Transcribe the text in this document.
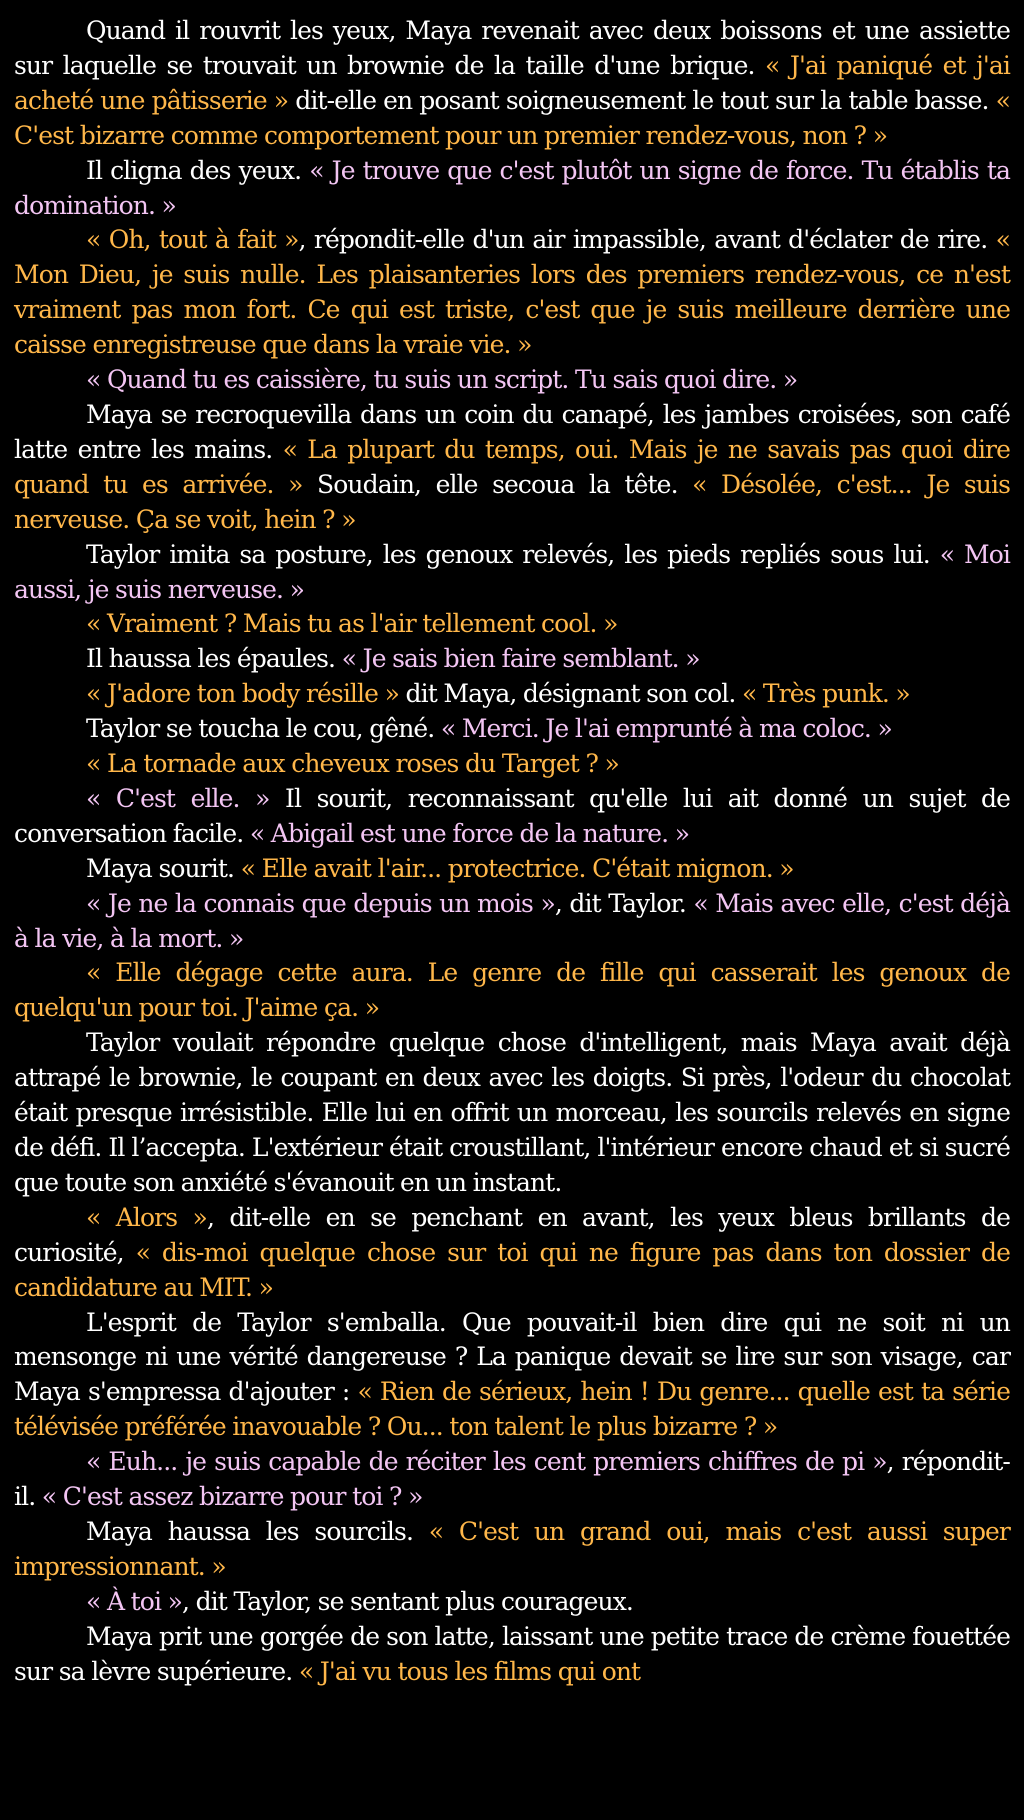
Quand il rouvrit les yeux, Maya revenait avec deux boissons et une assiette sur laquelle se trouvait un brownie de la taille d'une brique. « J'ai paniqué et j'ai acheté une pâtisserie » dit-elle en posant soigneusement le tout sur la table basse. « C'est bizarre comme comportement pour un premier rendez-vous, non ? »

Il cligna des yeux. « Je trouve que c'est plutôt un signe de force. Tu établis ta domination. »

« Oh, tout à fait », répondit-elle d'un air impassible, avant d'éclater de rire. « Mon Dieu, je suis nulle. Les plaisanteries lors des premiers rendez-vous, ce n'est vraiment pas mon fort. Ce qui est triste, c'est que je suis meilleure derrière une caisse enregistreuse que dans la vraie vie. »

« Quand tu es caissière, tu suis un script. Tu sais quoi dire. »

Maya se recroquevilla dans un coin du canapé, les jambes croisées, son café latte entre les mains. « La plupart du temps, oui. Mais je ne savais pas quoi dire quand tu es arrivée. » Soudain, elle secoua la tête. « Désolée, c'est... Je suis nerveuse. Ça se voit, hein ? »

Taylor imita sa posture, les genoux relevés, les pieds repliés sous lui. « Moi aussi, je suis nerveuse. »

« Vraiment ? Mais tu as l'air tellement cool. »

Il haussa les épaules. « Je sais bien faire semblant. »

« J'adore ton body résille » dit Maya, désignant son col. « Très punk. »

Taylor se toucha le cou, gêné. « Merci. Je l'ai emprunté à ma coloc. »

« La tornade aux cheveux roses du Target ? »

« C'est elle. » Il sourit, reconnaissant qu'elle lui ait donné un sujet de conversation facile. « Abigail est une force de la nature. »

Maya sourit. « Elle avait l'air... protectrice. C'était mignon. »

« Je ne la connais que depuis un mois », dit Taylor. « Mais avec elle, c'est déjà à la vie, à la mort. »

« Elle dégage cette aura. Le genre de fille qui casserait les genoux de quelqu'un pour toi. J'aime ça. »

Taylor voulait répondre quelque chose d'intelligent, mais Maya avait déjà attrapé le brownie, le coupant en deux avec les doigts. Si près, l'odeur du chocolat était presque irrésistible. Elle lui en offrit un morceau, les sourcils relevés en signe de défi. Il l’accepta. L'extérieur était croustillant, l'intérieur encore chaud et si sucré que toute son anxiété s'évanouit en un instant.

« Alors », dit-elle en se penchant en avant, les yeux bleus brillants de curiosité, « dis-moi quelque chose sur toi qui ne figure pas dans ton dossier de candidature au MIT. »

L'esprit de Taylor s'emballa. Que pouvait-il bien dire qui ne soit ni un mensonge ni une vérité dangereuse ? La panique devait se lire sur son visage, car Maya s'empressa d'ajouter : « Rien de sérieux, hein ! Du genre... quelle est ta série télévisée préférée inavouable ? Ou... ton talent le plus bizarre ? »

« Euh... je suis capable de réciter les cent premiers chiffres de pi », répondit-il. « C'est assez bizarre pour toi ? »

Maya haussa les sourcils. « C'est un grand oui, mais c'est aussi super impressionnant. »

« À toi », dit Taylor, se sentant plus courageux.

Maya prit une gorgée de son latte, laissant une petite trace de crème fouettée sur sa lèvre supérieure. « J'ai vu tous les films qui ont
